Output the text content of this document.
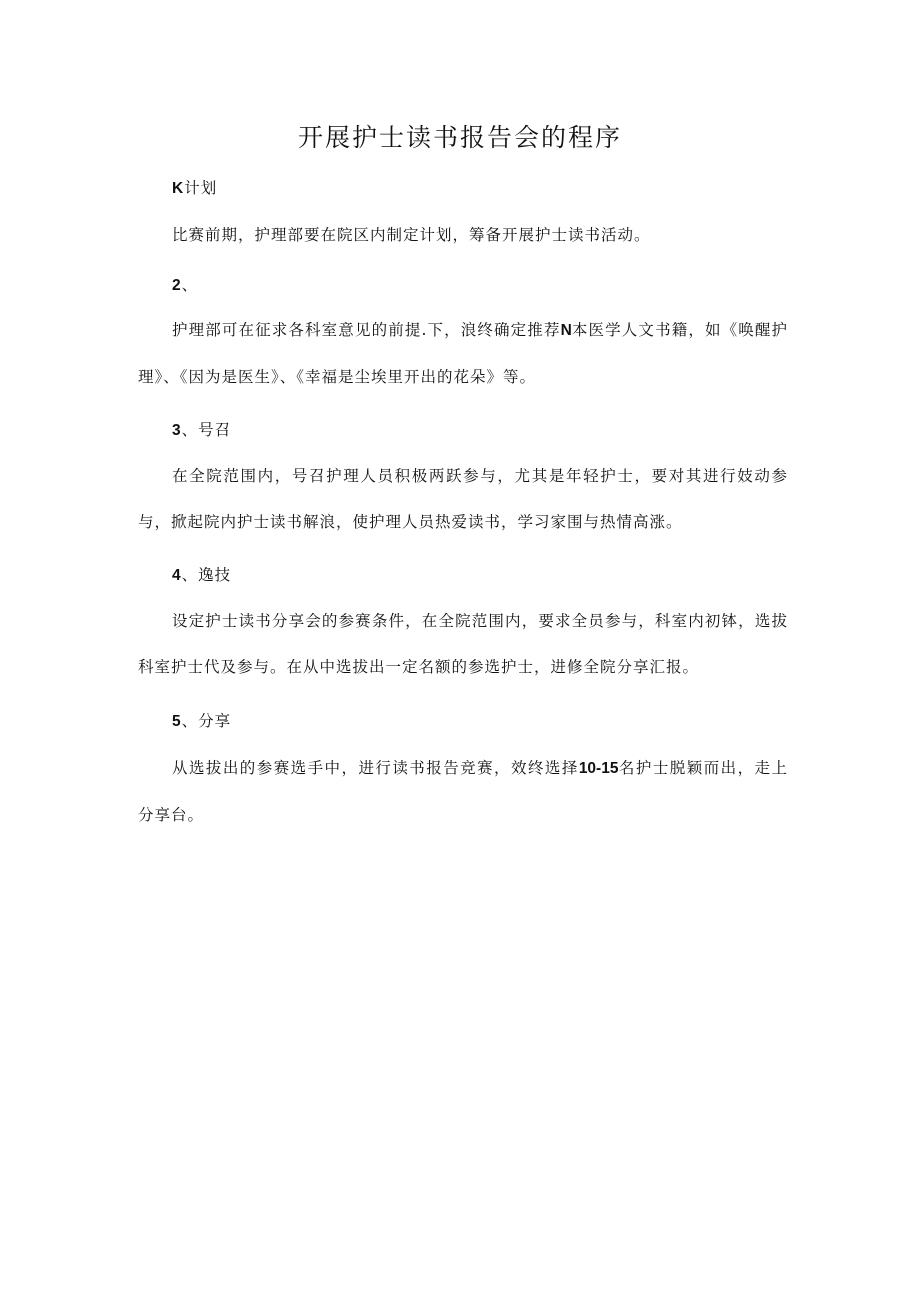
开展护士读书报告会的程序
K计划
比赛前期，护理部要在院区内制定计划，筹备开展护士读书活动。
2、
护理部可在征求各科室意见的前提.下，浪终确定推荐N本医学人文书籍，如《唤醒护理》、《因为是医生》、《幸福是尘埃里开出的花朵》等。
3、号召
在全院范围内，号召护理人员积极两跃参与，尤其是年轻护士，要对其进行妓动参与，掀起院内护士读书解浪，使护理人员热爱读书，学习家围与热情高涨。
4、逸技
设定护士读书分享会的参赛条件，在全院范围内，要求全员参与，科室内初钵，选拔科室护士代及参与。在从中选拔出一定名额的参选护士，进修全院分享汇报。
5、分享
从选拔出的参赛选手中，进行读书报告竞赛，效终选择10-15名护士脱颖而出，走上分享台。
